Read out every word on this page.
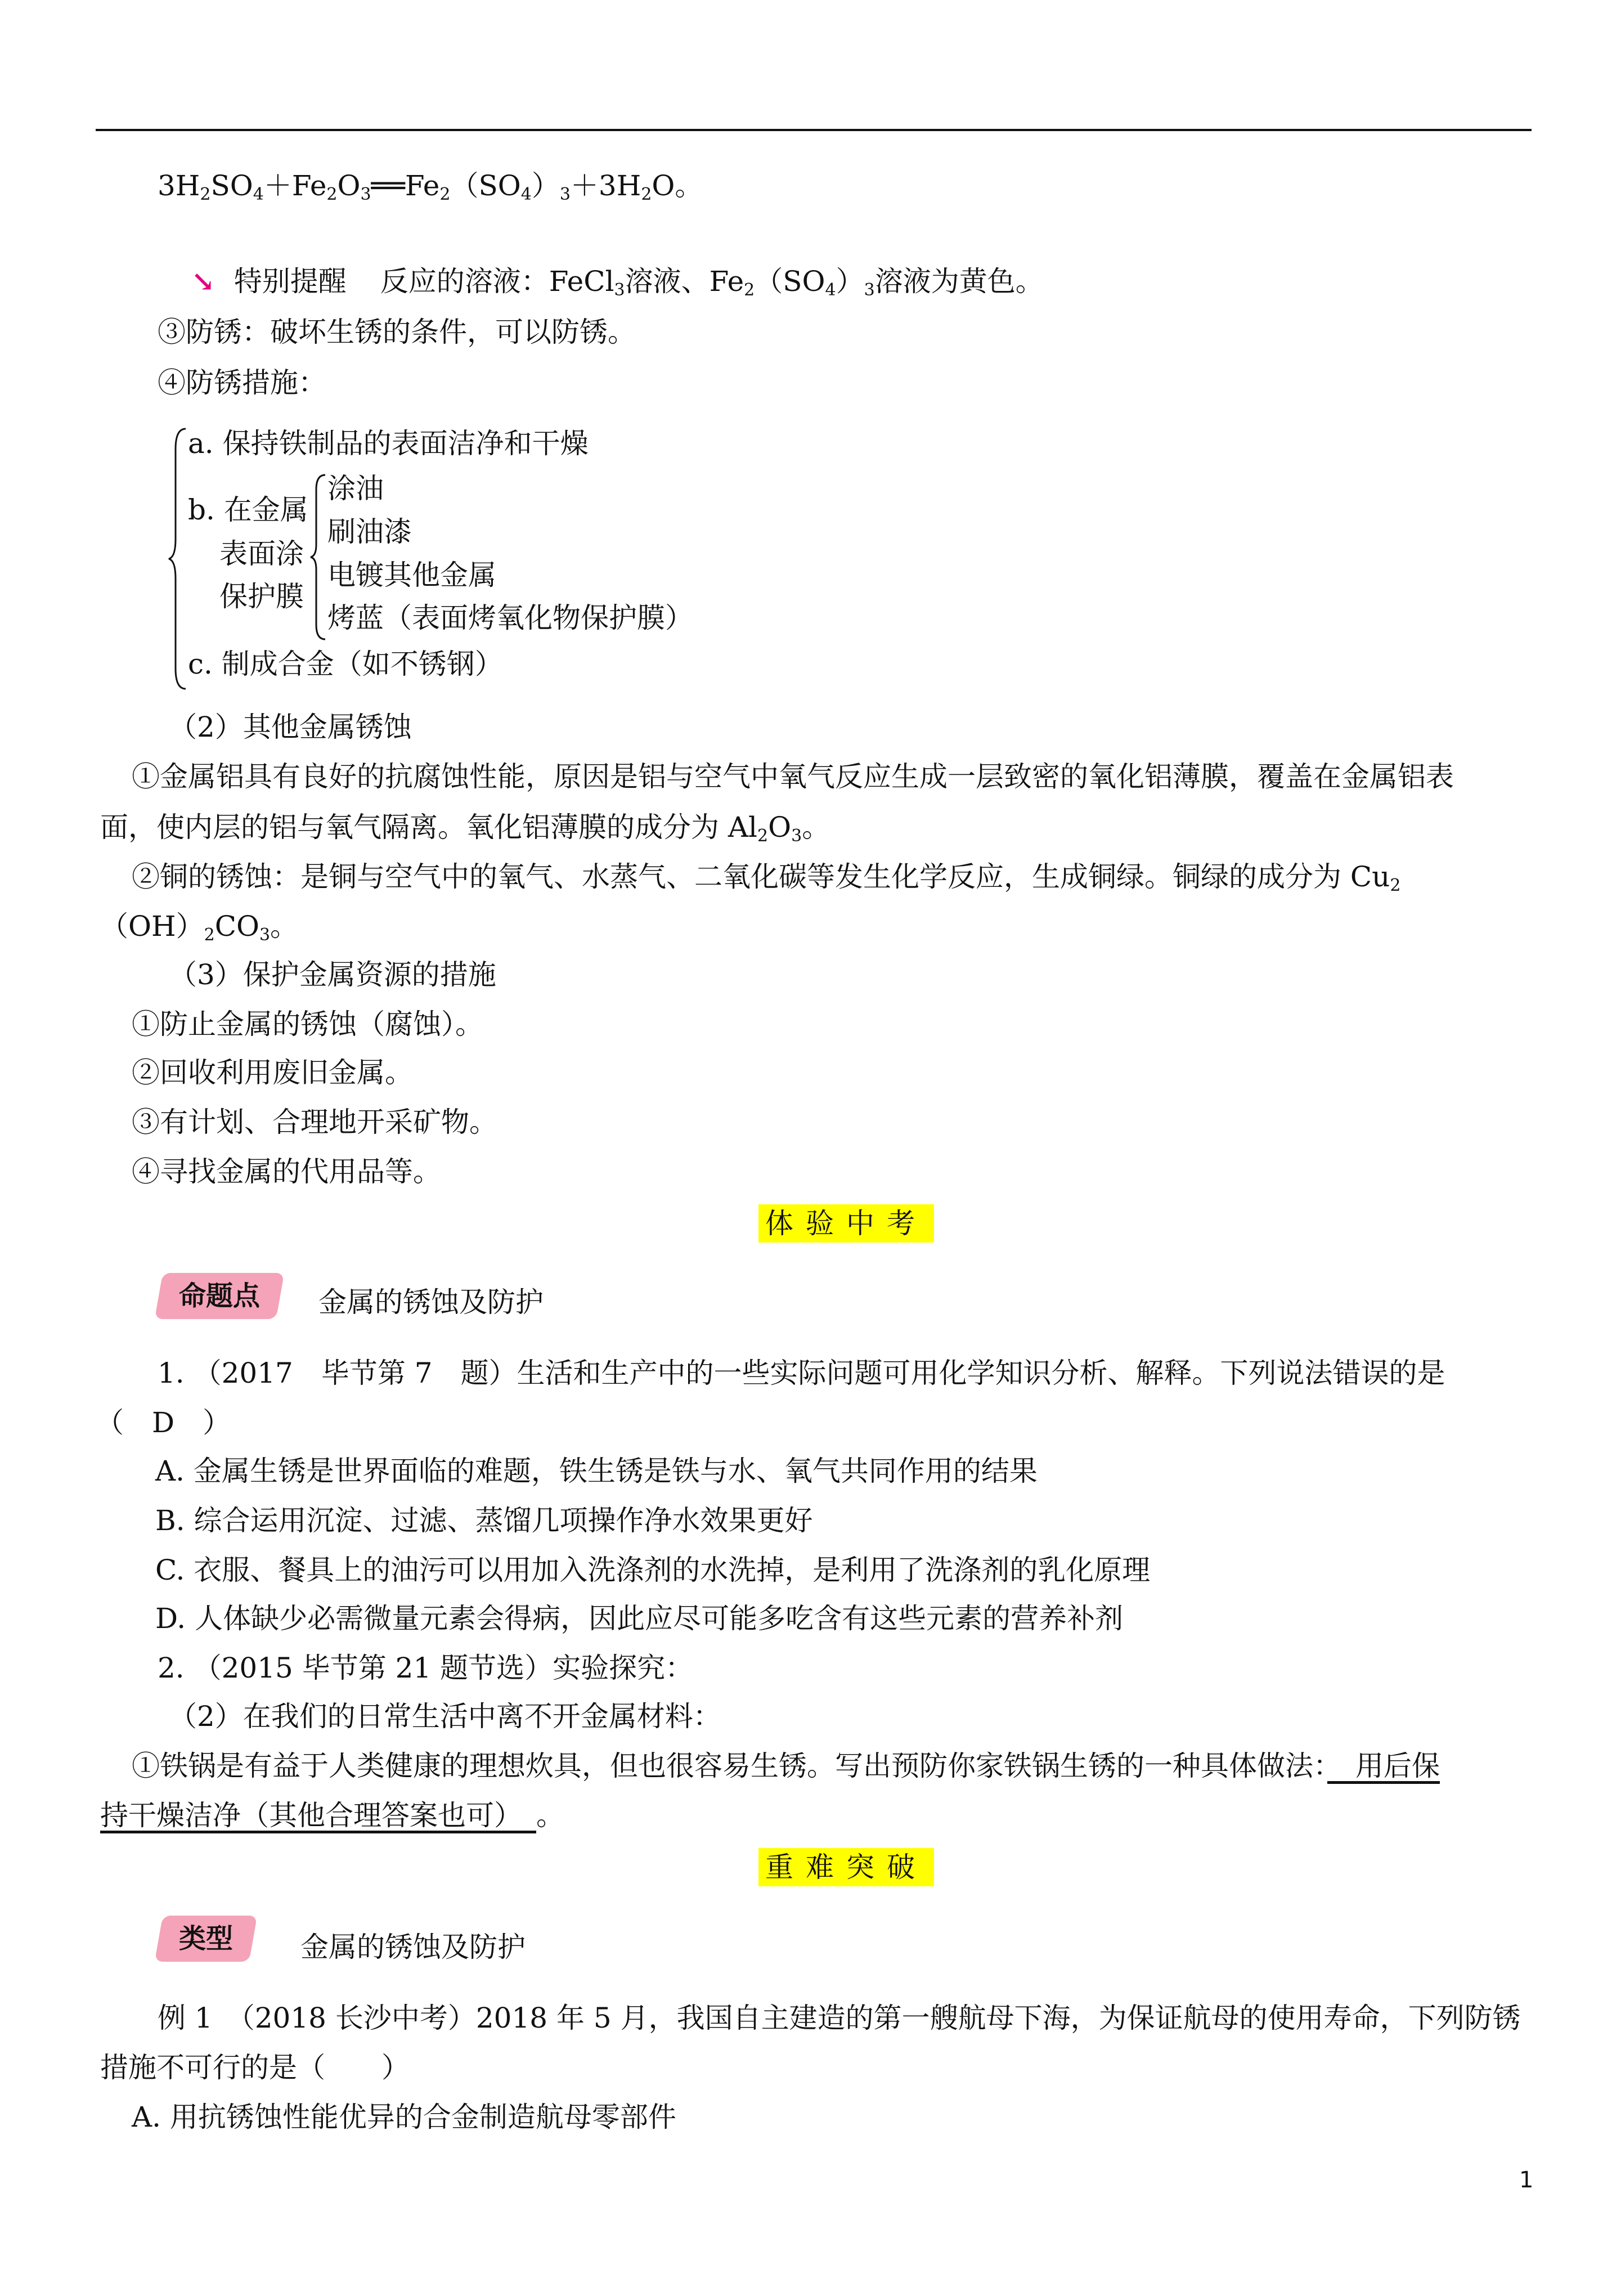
$3H_2SO_4+Fe_2O_3══Fe_2(SO_4)_3+3H_2O$。
↘ 特别提醒 反应的溶液：FeCl$_3$溶液、$Fe_2(SO_4)_3$溶液为黄色。
③防锈：破坏生锈的条件，可以防锈。
④防锈措施：
a. 保持铁制品的表面洁净和干燥
b. 在金属
表面涂
保护膜
涂油
刷油漆
电镀其他金属
烤蓝（表面烤氧化物保护膜）
c. 制成合金（如不锈钢）
（2）其他金属锈蚀
①金属铝具有良好的抗腐蚀性能，原因是铝与空气中氧气反应生成一层致密的氧化铝薄膜，覆盖在金属铝表
面，使内层的铝与氧气隔离。氧化铝薄膜的成分为 $Al_2O_3$。
②铜的锈蚀：是铜与空气中的氧气、水蒸气、二氧化碳等发生化学反应，生成铜绿。铜绿的成分为 $Cu_2$
$(OH)_2CO_3$。
（3）保护金属资源的措施
①防止金属的锈蚀（腐蚀）。
②回收利用废旧金属。
③有计划、合理地开采矿物。
④寻找金属的代用品等。
体验中考
命题点	金属的锈蚀及防护
1. （2017　毕节第 7　题）生活和生产中的一些实际问题可用化学知识分析、解释。下列说法错误的是
（　D　）
A. 金属生锈是世界面临的难题，铁生锈是铁与水、氧气共同作用的结果
B. 综合运用沉淀、过滤、蒸馏几项操作净水效果更好
C. 衣服、餐具上的油污可以用加入洗涤剂的水洗掉，是利用了洗涤剂的乳化原理
D. 人体缺少必需微量元素会得病，因此应尽可能多吃含有这些元素的营养补剂
2. （2015 毕节第 21 题节选）实验探究：
（2）在我们的日常生活中离不开金属材料：
①铁锅是有益于人类健康的理想炊具，但也很容易生锈。写出预防你家铁锅生锈的一种具体做法：　用后保
持干燥洁净（其他合理答案也可）　。
重难突破
类型	金属的锈蚀及防护
例 1　（2018 长沙中考）2018 年 5 月，我国自主建造的第一艘航母下海，为保证航母的使用寿命，下列防锈
措施不可行的是（　　）
A. 用抗锈蚀性能优异的合金制造航母零部件
1
